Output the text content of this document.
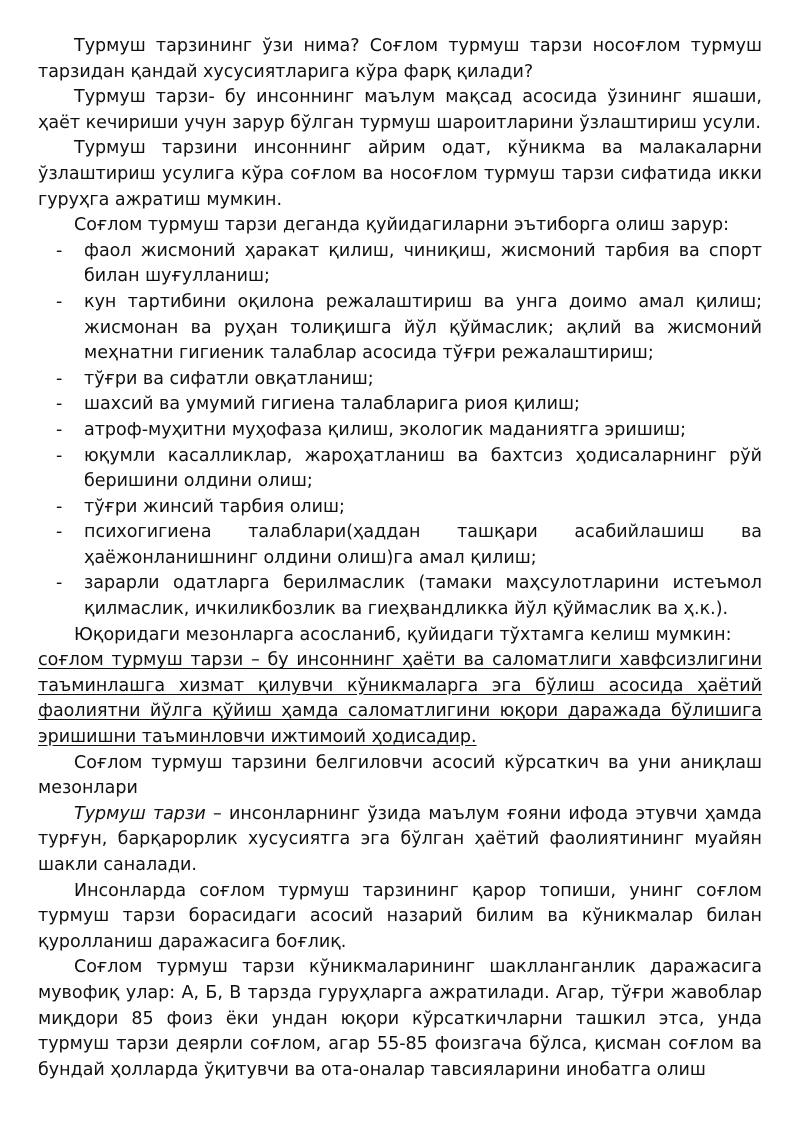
Турмуш тарзининг ўзи нима? Соғлом турмуш тарзи носоғлом турмуш тарзидан қандай хусусиятларига кўра фарқ қилади?

Турмуш тарзи- бу инсоннинг маълум мақсад асосида ўзининг яшаши, ҳаёт кечириши учун зарур бўлган турмуш шароитларини ўзлаштириш усули.

Турмуш тарзини инсоннинг айрим одат, кўникма ва малакаларни ўзлаштириш усулига кўра соғлом ва носоғлом турмуш тарзи сифатида икки гуруҳга ажратиш мумкин.

Соғлом турмуш тарзи деганда қуйидагиларни эътиборга олиш зарур:

- фаол жисмоний ҳаракат қилиш, чиниқиш, жисмоний тарбия ва спорт билан шуғулланиш;
- кун тартибини оқилона режалаштириш ва унга доимо амал қилиш; жисмонан ва руҳан толиқишга йўл қўймаслик; ақлий ва жисмоний меҳнатни гигиеник талаблар асосида тўғри режалаштириш;
- тўғри ва сифатли овқатланиш;
- шахсий ва умумий гигиена талабларига риоя қилиш;
- атроф-муҳитни муҳофаза қилиш, экологик маданиятга эришиш;
- юқумли касалликлар, жароҳатланиш ва бахтсиз ҳодисаларнинг рўй беришини олдини олиш;
- тўғри жинсий тарбия олиш;
- психогигиена талаблари(ҳаддан ташқари асабийлашиш ва ҳаёжонланишнинг олдини олиш)га амал қилиш;
- зарарли одатларга берилмаслик (тамаки маҳсулотларини истеъмол қилмаслик, ичкиликбозлик ва гиеҳвандликка йўл қўймаслик ва ҳ.к.).

Юқоридаги мезонларга асосланиб, қуйидаги тўхтамга келиш мумкин:

соғлом турмуш тарзи – бу инсоннинг ҳаёти ва саломатлиги хавфсизлигини таъминлашга хизмат қилувчи кўникмаларга эга бўлиш асосида ҳаётий фаолиятни йўлга қўйиш ҳамда саломатлигини юқори даражада бўлишига эришишни таъминловчи ижтимоий ҳодисадир.

Соғлом турмуш тарзини белгиловчи асосий кўрсаткич ва уни аниқлаш мезонлари

Турмуш тарзи – инсонларнинг ўзида маълум ғояни ифода этувчи ҳамда турғун, барқарорлик хусусиятга эга бўлган ҳаётий фаолиятининг муайян шакли саналади.

Инсонларда соғлом турмуш тарзининг қарор топиши, унинг соғлом турмуш тарзи борасидаги асосий назарий билим ва кўникмалар билан қуролланиш даражасига боғлиқ.

Соғлом турмуш тарзи кўникмаларининг шаклланганлик даражасига мувофиқ улар: А, Б, В тарзда гуруҳларга ажратилади. Агар, тўғри жавоблар миқдори 85 фоиз ёки ундан юқори кўрсаткичларни ташкил этса, унда турмуш тарзи деярли соғлом, агар 55-85 фоизгача бўлса, қисман соғлом ва бундай ҳолларда ўқитувчи ва ота-оналар тавсияларини инобатга олиш
